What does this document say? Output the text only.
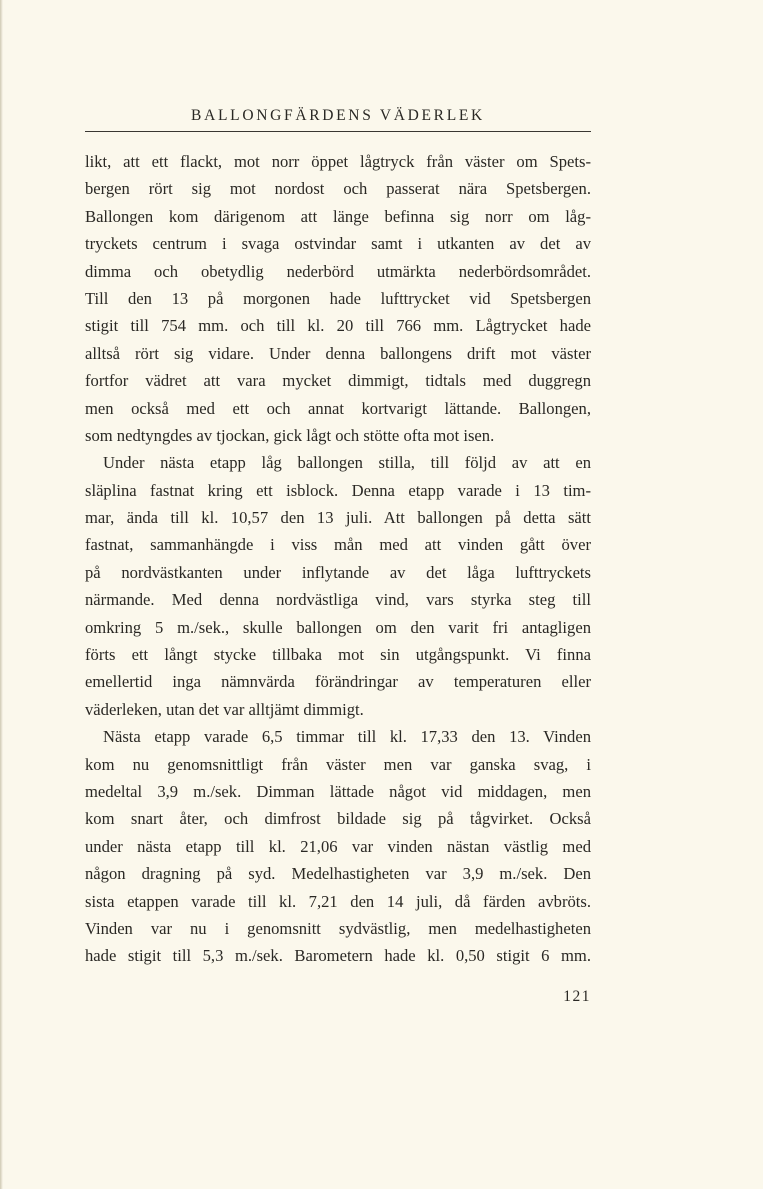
BALLONGFÄRDENS VÄDERLEK
likt, att ett flackt, mot norr öppet lågtryck från väster om Spets-
bergen rört sig mot nordost och passerat nära Spetsbergen.
Ballongen kom därigenom att länge befinna sig norr om låg-
tryckets centrum i svaga ostvindar samt i utkanten av det av
dimma och obetydlig nederbörd utmärkta nederbördsområdet.
Till den 13 på morgonen hade lufttrycket vid Spetsbergen
stigit till 754 mm. och till kl. 20 till 766 mm. Lågtrycket hade
alltså rört sig vidare. Under denna ballongens drift mot väster
fortfor vädret att vara mycket dimmigt, tidtals med duggregn
men också med ett och annat kortvarigt lättande. Ballongen,
som nedtyngdes av tjockan, gick lågt och stötte ofta mot isen.
Under nästa etapp låg ballongen stilla, till följd av att en
släplina fastnat kring ett isblock. Denna etapp varade i 13 tim-
mar, ända till kl. 10,57 den 13 juli. Att ballongen på detta sätt
fastnat, sammanhängde i viss mån med att vinden gått över
på nordvästkanten under inflytande av det låga lufttryckets
närmande. Med denna nordvästliga vind, vars styrka steg till
omkring 5 m./sek., skulle ballongen om den varit fri antagligen
förts ett långt stycke tillbaka mot sin utgångspunkt. Vi finna
emellertid inga nämnvärda förändringar av temperaturen eller
väderleken, utan det var alltjämt dimmigt.
Nästa etapp varade 6,5 timmar till kl. 17,33 den 13. Vinden
kom nu genomsnittligt från väster men var ganska svag, i
medeltal 3,9 m./sek. Dimman lättade något vid middagen, men
kom snart åter, och dimfrost bildade sig på tågvirket. Också
under nästa etapp till kl. 21,06 var vinden nästan västlig med
någon dragning på syd. Medelhastigheten var 3,9 m./sek. Den
sista etappen varade till kl. 7,21 den 14 juli, då färden avbröts.
Vinden var nu i genomsnitt sydvästlig, men medelhastigheten
hade stigit till 5,3 m./sek. Barometern hade kl. 0,50 stigit 6 mm.
121
